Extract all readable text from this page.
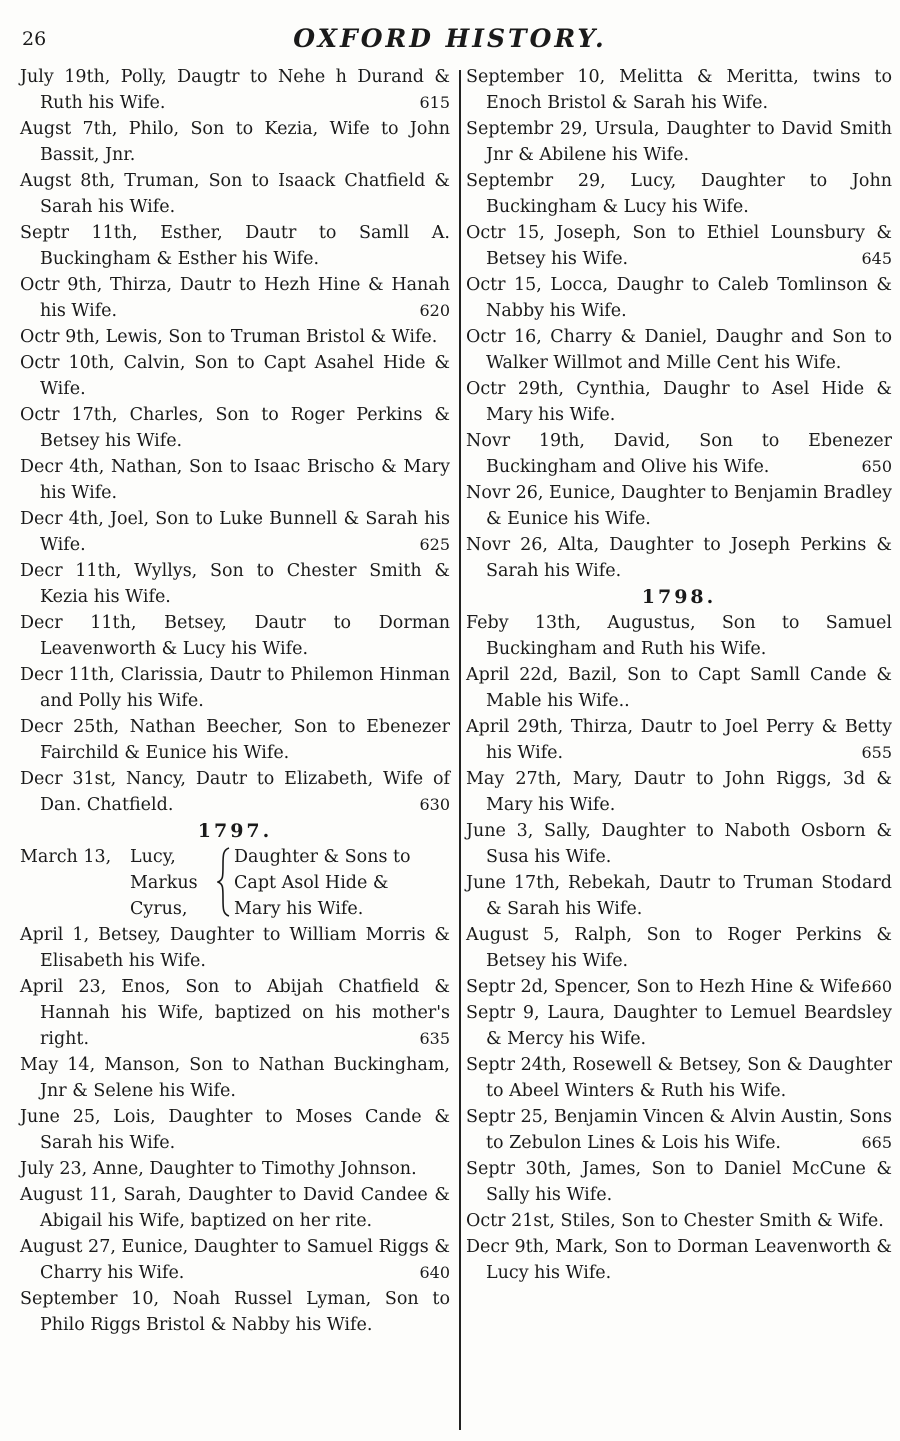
26	OXFORD HISTORY.

July 19th, Polly, Daugtr to Nehe h Durand & Ruth his Wife.	615

Augst 7th, Philo, Son to Kezia, Wife to John Bassit, Jnr.

Augst 8th, Truman, Son to Isaack Chatfield & Sarah his Wife.

Septr 11th, Esther, Dautr to Samll A. Buckingham & Esther his Wife.

Octr 9th, Thirza, Dautr to Hezh Hine & Hanah his Wife.	620

Octr 9th, Lewis, Son to Truman Bristol & Wife.

Octr 10th, Calvin, Son to Capt Asahel Hide & Wife.

Octr 17th, Charles, Son to Roger Perkins & Betsey his Wife.

Decr 4th, Nathan, Son to Isaac Brischo & Mary his Wife.

Decr 4th, Joel, Son to Luke Bunnell & Sarah his Wife.	625

Decr 11th, Wyllys, Son to Chester Smith & Kezia his Wife.

Decr 11th, Betsey, Dautr to Dorman Leavenworth & Lucy his Wife.

Decr 11th, Clarissia, Dautr to Philemon Hinman and Polly his Wife.

Decr 25th, Nathan Beecher, Son to Ebenezer Fairchild & Eunice his Wife.

Decr 31st, Nancy, Dautr to Elizabeth, Wife of Dan. Chatfield.	630

1797.
March 13, Lucy,
Markus
Cyrus,
Daughter & Sons to
Capt Asol Hide &
Mary his Wife.

April 1, Betsey, Daughter to William Morris & Elisabeth his Wife.

April 23, Enos, Son to Abijah Chatfield & Hannah his Wife, baptized on his mother's right.	635

May 14, Manson, Son to Nathan Buckingham, Jnr & Selene his Wife.

June 25, Lois, Daughter to Moses Cande & Sarah his Wife.

July 23, Anne, Daughter to Timothy Johnson.

August 11, Sarah, Daughter to David Candee & Abigail his Wife, baptized on her rite.

August 27, Eunice, Daughter to Samuel Riggs & Charry his Wife.	640

September 10, Noah Russel Lyman, Son to Philo Riggs Bristol & Nabby his Wife.

September 10, Melitta & Meritta, twins to Enoch Bristol & Sarah his Wife.

Septembr 29, Ursula, Daughter to David Smith Jnr & Abilene his Wife.

Septembr 29, Lucy, Daughter to John Buckingham & Lucy his Wife.

Octr 15, Joseph, Son to Ethiel Lounsbury & Betsey his Wife.	645

Octr 15, Locca, Daughr to Caleb Tomlinson & Nabby his Wife.

Octr 16, Charry & Daniel, Daughr and Son to Walker Willmot and Mille Cent his Wife.

Octr 29th, Cynthia, Daughr to Asel Hide & Mary his Wife.

Novr 19th, David, Son to Ebenezer Buckingham and Olive his Wife.	650

Novr 26, Eunice, Daughter to Benjamin Bradley & Eunice his Wife.

Novr 26, Alta, Daughter to Joseph Perkins & Sarah his Wife.

1798.

Feby 13th, Augustus, Son to Samuel Buckingham and Ruth his Wife.

April 22d, Bazil, Son to Capt Samll Cande & Mable his Wife..

April 29th, Thirza, Dautr to Joel Perry & Betty his Wife.	655

May 27th, Mary, Dautr to John Riggs, 3d & Mary his Wife.

June 3, Sally, Daughter to Naboth Osborn & Susa his Wife.

June 17th, Rebekah, Dautr to Truman Stodard & Sarah his Wife.

August 5, Ralph, Son to Roger Perkins & Betsey his Wife.

Septr 2d, Spencer, Son to Hezh Hine & Wife.
660

Septr 9, Laura, Daughter to Lemuel Beardsley & Mercy his Wife.

Septr 24th, Rosewell & Betsey, Son & Daughter to Abeel Winters & Ruth his Wife.

Septr 25, Benjamin Vincen & Alvin Austin, Sons to Zebulon Lines & Lois his Wife.	665

Septr 30th, James, Son to Daniel McCune & Sally his Wife.

Octr 21st, Stiles, Son to Chester Smith & Wife.

Decr 9th, Mark, Son to Dorman Leavenworth & Lucy his Wife.
